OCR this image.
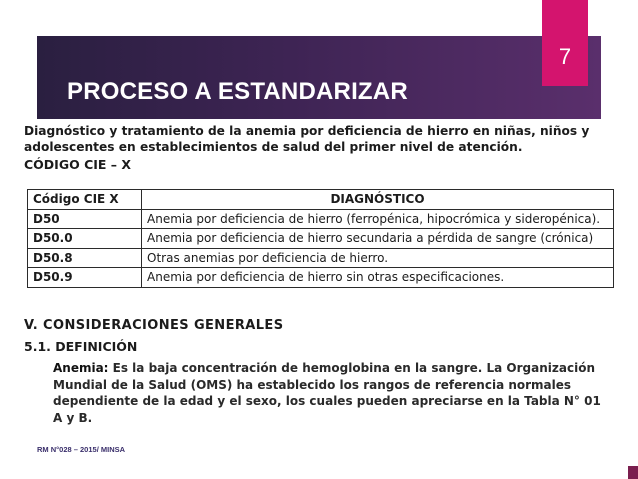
PROCESO A ESTANDARIZAR
7
Diagnóstico y tratamiento de la anemia por deficiencia de hierro en niñas, niños y adolescentes en establecimientos de salud del primer nivel de atención.
CÓDIGO CIE – X
Código CIE X	DIAGNÓSTICO
D50	Anemia por deficiencia de hierro (ferropénica, hipocrómica y sideropénica).
D50.0	Anemia por deficiencia de hierro secundaria a pérdida de sangre (crónica)
D50.8	Otras anemias por deficiencia de hierro.
D50.9	Anemia por deficiencia de hierro sin otras especificaciones.
V. CONSIDERACIONES GENERALES
5.1. DEFINICIÓN
Anemia: Es la baja concentración de hemoglobina en la sangre. La Organización Mundial de la Salud (OMS) ha establecido los rangos de referencia normales dependiente de la edad y el sexo, los cuales pueden apreciarse en la Tabla N° 01 A y B.
RM N°028 – 2015/ MINSA
